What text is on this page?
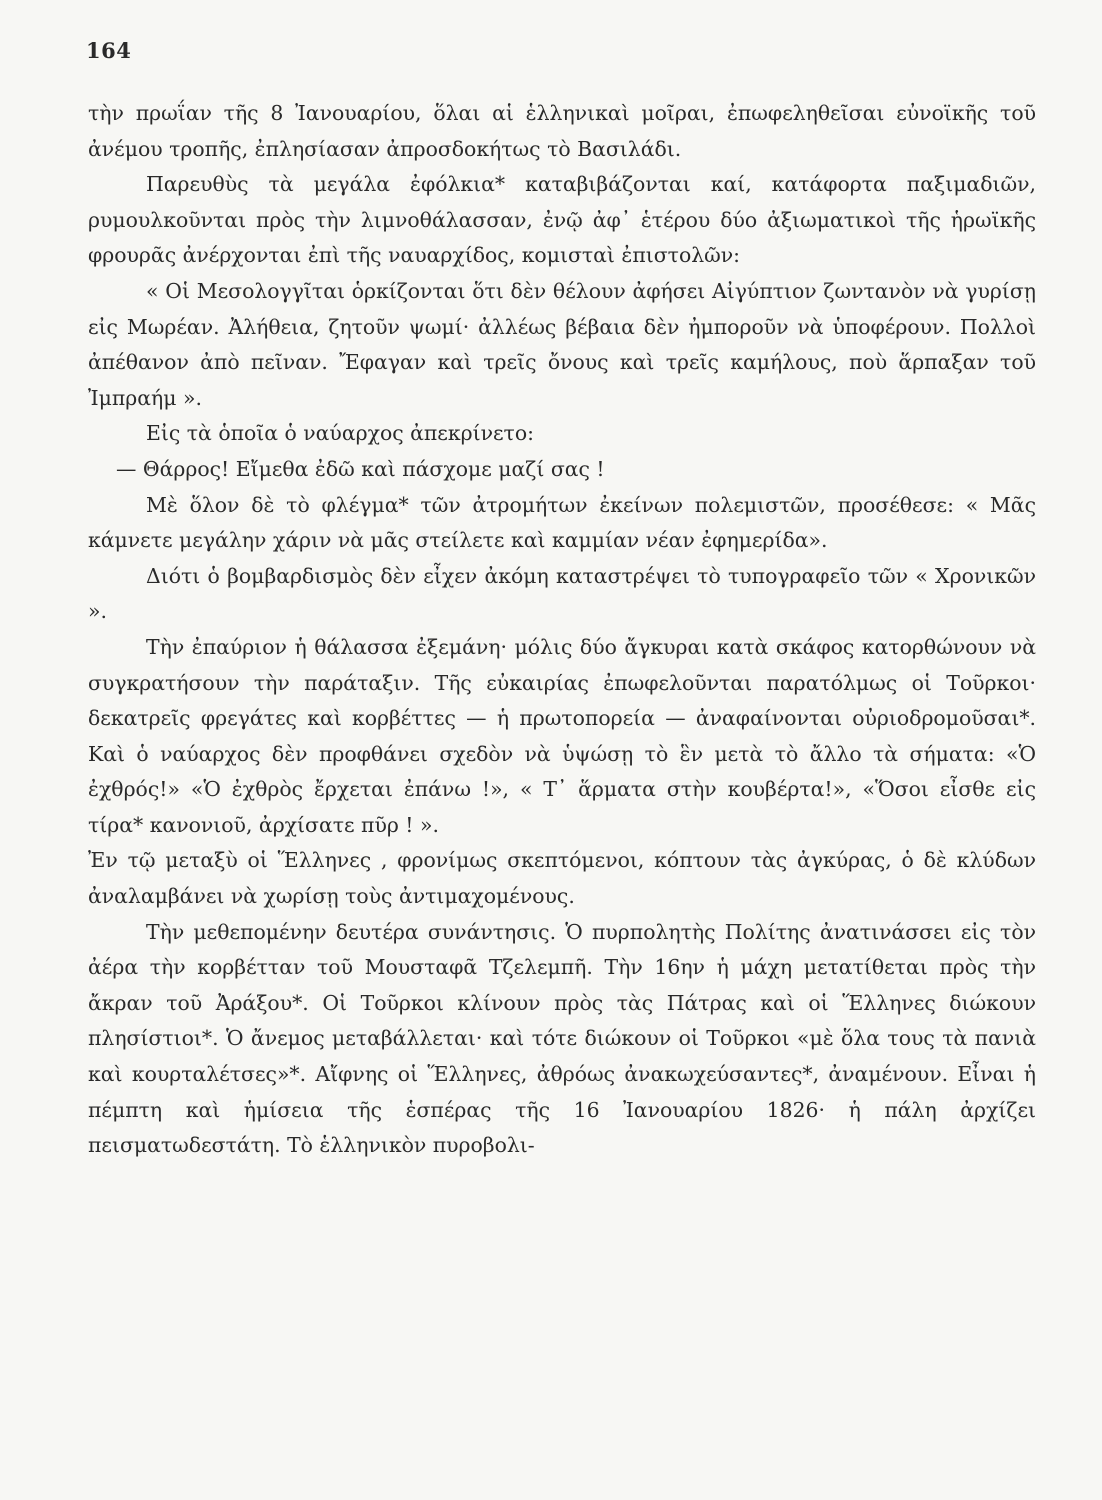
164

τὴν πρωΐαν τῆς 8 Ἰανουαρίου, ὅλαι αἱ ἑλληνικαὶ μοῖραι, ἐπωφεληθεῖσαι εὐνοϊκῆς τοῦ ἀνέμου τροπῆς, ἐπλησίασαν ἀπροσδοκήτως τὸ Βασιλάδι.

Παρευθὺς τὰ μεγάλα ἐφόλκια* καταβιβάζονται καί, κατάφορτα παξιμαδιῶν, ρυμουλκοῦνται πρὸς τὴν λιμνοθάλασσαν, ἐνῷ ἀφ᾽ ἑτέρου δύο ἀξιωματικοὶ τῆς ἡρωϊκῆς φρουρᾶς ἀνέρχονται ἐπὶ τῆς ναυαρχίδος, κομισταὶ ἐπιστολῶν:

« Οἱ Μεσολογγῖται ὁρκίζονται ὅτι δὲν θέλουν ἀφήσει Αἰγύπτιον ζωντανὸν νὰ γυρίσῃ εἰς Μωρέαν. Ἀλήθεια, ζητοῦν ψωμί· ἀλλέως βέβαια δὲν ἠμποροῦν νὰ ὑποφέρουν. Πολλοὶ ἀπέθανον ἀπὸ πεῖναν. Ἔφαγαν καὶ τρεῖς ὄνους καὶ τρεῖς καμήλους, ποὺ ἅρπαξαν τοῦ Ἰμπραήμ ».

Εἰς τὰ ὁποῖα ὁ ναύαρχος ἀπεκρίνετο:

— Θάρρος! Εἴμεθα ἐδῶ καὶ πάσχομε μαζί σας !

Μὲ ὅλον δὲ τὸ φλέγμα* τῶν ἀτρομήτων ἐκείνων πολεμιστῶν, προσέθεσε: « Μᾶς κάμνετε μεγάλην χάριν νὰ μᾶς στείλετε καὶ καμμίαν νέαν ἐφημερίδα».

Διότι ὁ βομβαρδισμὸς δὲν εἶχεν ἀκόμη καταστρέψει τὸ τυπογραφεῖο τῶν « Χρονικῶν ».

Τὴν ἐπαύριον ἡ θάλασσα ἐξεμάνη· μόλις δύο ἄγκυραι κατὰ σκάφος κατορθώνουν νὰ συγκρατήσουν τὴν παράταξιν. Τῆς εὐκαιρίας ἐπωφελοῦνται παρατόλμως οἱ Τοῦρκοι· δεκατρεῖς φρεγάτες καὶ κορβέττες — ἡ πρωτοπορεία — ἀναφαίνονται οὐριοδρομοῦσαι*. Καὶ ὁ ναύαρχος δὲν προφθάνει σχεδὸν νὰ ὑψώσῃ τὸ ἓν μετὰ τὸ ἄλλο τὰ σήματα: «Ὁ ἐχθρός!» «Ὁ ἐχθρὸς ἔρχεται ἐπάνω !», « Τ᾽ ἅρματα στὴν κουβέρτα!», «Ὅσοι εἶσθε εἰς τίρα* κανονιοῦ, ἀρχίσατε πῦρ ! ».

Ἐν τῷ μεταξὺ οἱ Ἕλληνες , φρονίμως σκεπτόμενοι, κόπτουν τὰς ἀγκύρας, ὁ δὲ κλύδων ἀναλαμβάνει νὰ χωρίσῃ τοὺς ἀντιμαχομένους.

Τὴν μεθεπομένην δευτέρα συνάντησις. Ὁ πυρπολητὴς Πολίτης ἀνατινάσσει εἰς τὸν ἀέρα τὴν κορβέτταν τοῦ Μουσταφᾶ Τζελεμπῆ. Τὴν 16ην ἡ μάχη μετατίθεται πρὸς τὴν ἄκραν τοῦ Ἀράξου*. Οἱ Τοῦρκοι κλίνουν πρὸς τὰς Πάτρας καὶ οἱ Ἕλληνες διώκουν πλησίστιοι*. Ὁ ἄνεμος μεταβάλλεται· καὶ τότε διώκουν οἱ Τοῦρκοι «μὲ ὅλα τους τὰ πανιὰ καὶ κουρταλέτσες»*. Αἴφνης οἱ Ἕλληνες, ἀθρόως ἀνακωχεύσαντες*, ἀναμένουν. Εἶναι ἡ πέμπτη καὶ ἡμίσεια τῆς ἑσπέρας τῆς 16 Ἰανουαρίου 1826· ἡ πάλη ἀρχίζει πεισματωδεστάτη. Τὸ ἑλληνικὸν πυροβολι-
